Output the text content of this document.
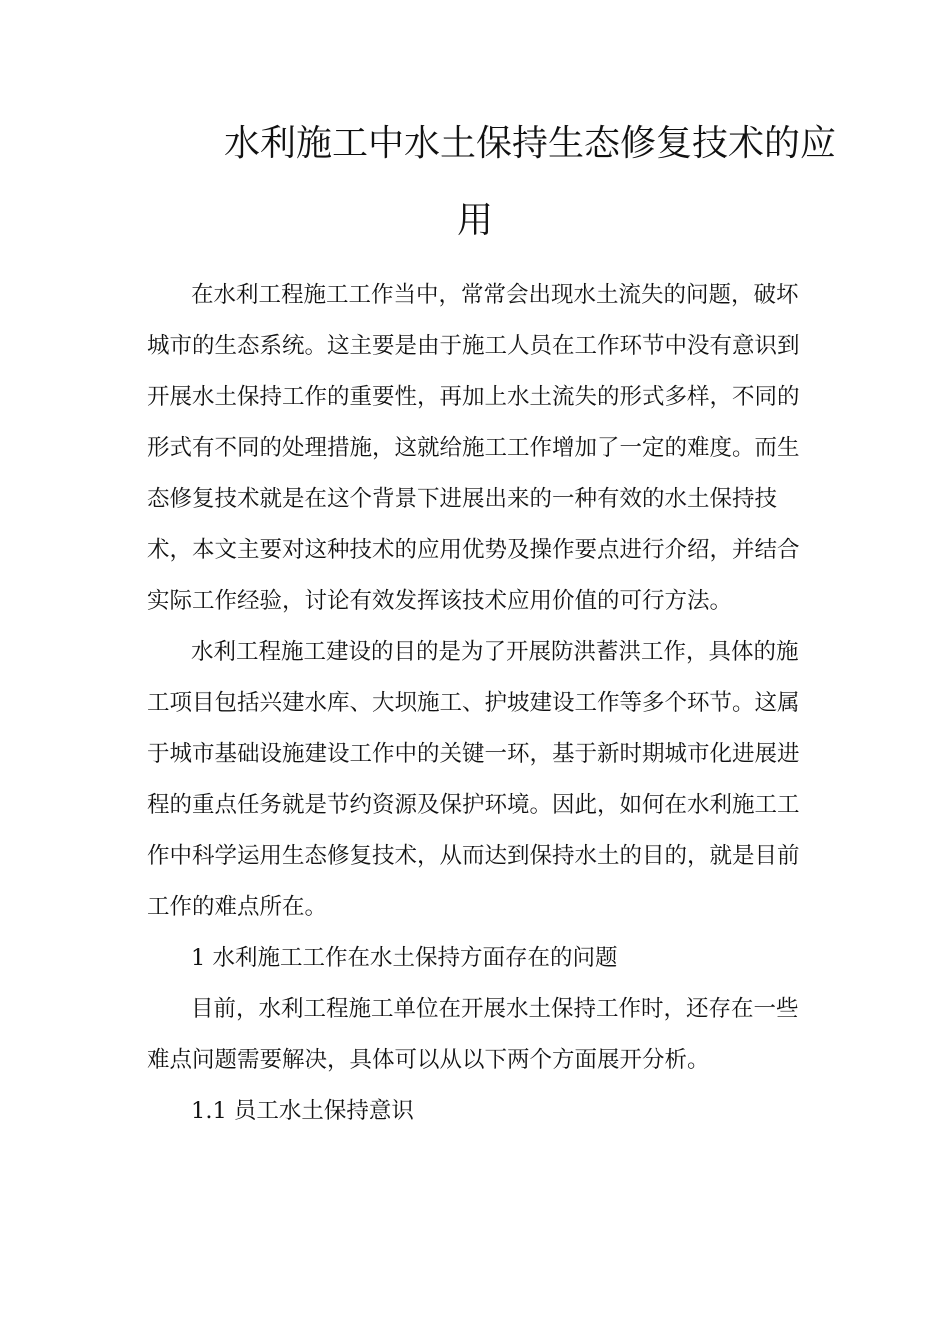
水利施工中水土保持生态修复技术的应
用
在水利工程施工工作当中，常常会出现水土流失的问题，破坏
城市的生态系统。这主要是由于施工人员在工作环节中没有意识到
开展水土保持工作的重要性，再加上水土流失的形式多样，不同的
形式有不同的处理措施，这就给施工工作增加了一定的难度。而生
态修复技术就是在这个背景下进展出来的一种有效的水土保持技
术，本文主要对这种技术的应用优势及操作要点进行介绍，并结合
实际工作经验，讨论有效发挥该技术应用价值的可行方法。
水利工程施工建设的目的是为了开展防洪蓄洪工作，具体的施
工项目包括兴建水库、大坝施工、护坡建设工作等多个环节。这属
于城市基础设施建设工作中的关键一环，基于新时期城市化进展进
程的重点任务就是节约资源及保护环境。因此，如何在水利施工工
作中科学运用生态修复技术，从而达到保持水土的目的，就是目前
工作的难点所在。
1 水利施工工作在水土保持方面存在的问题
目前，水利工程施工单位在开展水土保持工作时，还存在一些
难点问题需要解决，具体可以从以下两个方面展开分析。
1.1 员工水土保持意识
